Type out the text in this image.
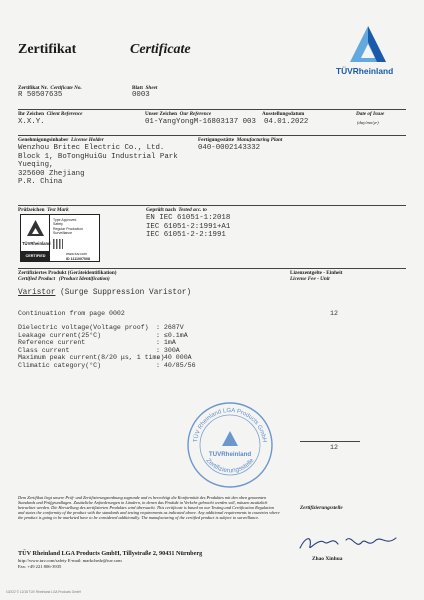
Zertifikat	Certificate
TÜVRheinland
Zertifikat Nr. Certificate No.	Blatt Sheet
R 50507635	0003
Ihr Zeichen Client Reference	Unser Zeichen Our Reference	Ausstellungsdatum	Date of Issue
X.X.Y.	01-YangYongM-16803137 003 04.01.2022	(day/mo/yr)
Genehmigungsinhaber License Holder	Fertigungsstätte Manufacturing Plant
Wenzhou Britec Electric Co., Ltd.
Block 1, BoTongHuiGu Industrial Park
Yueqing,
325600 Zhejiang
P.R. China
040-0002143332
Prüfzeichen Test Mark	Geprüft nach Tested acc. to
TÜVRheinland
Type Approved
Safety
Regular Production
Surveillance
CERTIFIED	www.tuv.com
ID 1111007008
EN IEC 61051-1:2018
IEC 61051-2:1991+A1
IEC 61051-2-2:1991
Zertifiziertes Produkt (Geräteidentifikation)
Certified Product (Product Identification)
Lizenzentgelte - Einheit
License Fee - Unit
Varistor (Surge Suppression Varistor)
Continuation from page 0002	12
Dielectric voltage(Voltage proof)	: 2687V
Leakage current(25°C)	: ≤0.1mA
Reference current	: 1mA
Class current	: 300A
Maximum peak current(8/20 μs, 1 time)
: 40 000A
Climatic category(°C)	: 40/85/56
TÜV Rheinland LGA Products GmbH
Zertifizierungsstelle
TÜVRheinland
12
Dem Zertifikat liegt unsere Prüf- und Zertifizierungsordnung zugrunde und es berechtigt die Konformität des Produktes mit den oben genannten Standards und Prüfgrundlagen. Zusätzliche Anforderungen in Ländern, in denen das Produkt in Verkehr gebracht werden soll, müssen zusätzlich betrachtet werden. Die Herstellung des zertifizierten Produktes wird überwacht. This certificate is based on our Testing and Certification Regulation and states the conformity of the product with the standards and testing requirements as indicated above. Any additional requirements in countries where the product is going to be marketed have to be considered additionally. The manufacturing of the certified product is subject to surveillance.
Zertifizierungsstelle
Zhao Xinhua
TÜV Rheinland LGA Products GmbH, Tillystraße 2, 90431 Nürnberg
http://www.tuv.com/safety E-mail: markchedz@tuv.com
Fax: +49 221 806-3935
10/222 © 12/18 TÜV Rheinland LGA Products GmbH
